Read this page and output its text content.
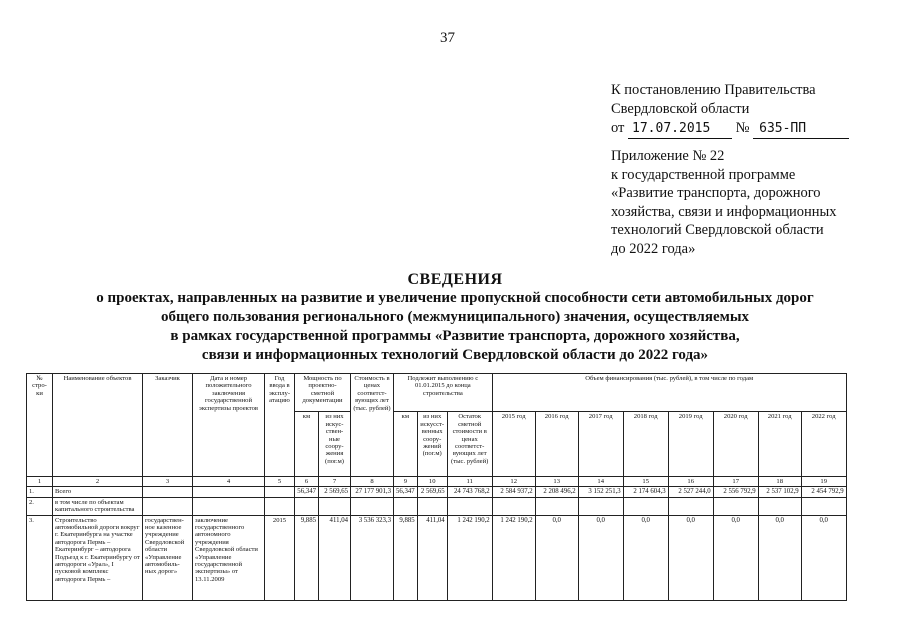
37
К постановлению Правительства
Свердловской области
от 17.07.2015 № 635-ПП
Приложение № 22
к государственной программе
«Развитие транспорта, дорожного
хозяйства, связи и информационных
технологий Свердловской области
до 2022 года»
СВЕДЕНИЯ
о проектах, направленных на развитие и увеличение пропускной способности сети автомобильных дорог
общего пользования регионального (межмуниципального) значения, осуществляемых
в рамках государственной программы «Развитие транспорта, дорожного хозяйства,
связи и информационных технологий Свердловской области до 2022 года»
№ стро-ки	Наименование объектов	Заказчик	Дата и номер положительного заключения государственной экспертизы проектов	Год ввода в эксплу-атацию	Мощность по проектно-сметной документации		Стоимость в ценах соответст-вующих лет (тыс. рублей)	Подлежит выполнению с 01.01.2015 до конца строительства			Объем финансирования (тыс. рублей), в том числе по годам							
					км	из них искус-ствен-ные соору-жения (пог.м)		км	из них искусст-венных соору-жений (пог.м)	Остаток сметной стоимости в ценах соответст-вующих лет (тыс. рублей)	2015 год	2016 год	2017 год	2018 год	2019 год	2020 год	2021 год	2022 год
1	2	3	4	5	6	7	8	9	10	11	12	13	14	15	16	17	18	19
1.	Всего				56,347	2 569,65	27 177 901,3	56,347	2 569,65	24 743 768,2	2 584 937,2	2 208 496,2	3 152 251,3	2 174 604,3	2 527 244,0	2 556 792,9	2 537 102,9	2 454 792,9
2.	в том числе по объектам капитального строительства																	
3.	Строительство автомобильной дороги вокруг г. Екатеринбурга на участке автодорога Пермь – Екатеринбург – автодорога Подъезд к г. Екатеринбургу от автодороги «Урал», I пусковой комплекс автодорога Пермь –	государствен-ное казенное учреждение Свердловской области «Управление автомобиль-ных дорог»	заключение государственного автономного учреждения Свердловской области «Управление государственной экспертизы» от 13.11.2009	2015	9,885	411,04	3 536 323,3	9,885	411,04	1 242 190,2	1 242 190,2	0,0	0,0	0,0	0,0	0,0	0,0	0,0
